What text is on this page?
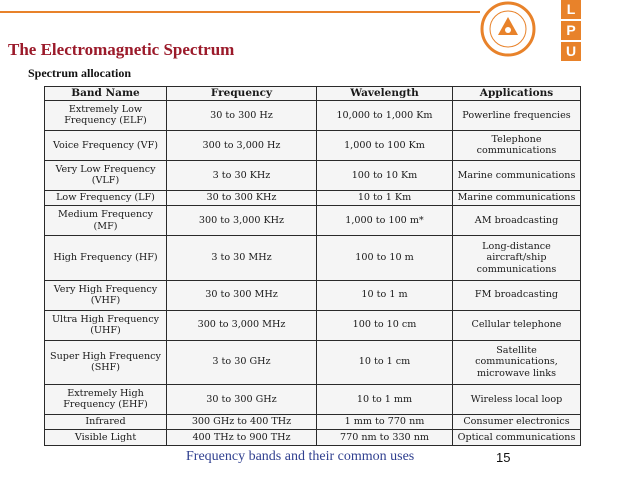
L
P
U
The Electromagnetic Spectrum
Spectrum allocation
Band Name	Frequency	Wavelength	Applications
Extremely Low Frequency (ELF)	30 to 300 Hz	10,000 to 1,000 Km	Powerline frequencies
Voice Frequency (VF)	300 to 3,000 Hz	1,000 to 100 Km	Telephone communications
Very Low Frequency (VLF)	3 to 30 KHz	100 to 10 Km	Marine communications
Low Frequency (LF)	30 to 300 KHz	10 to 1 Km	Marine communications
Medium Frequency (MF)	300 to 3,000 KHz	1,000 to 100 m*	AM broadcasting
High Frequency (HF)	3 to 30 MHz	100 to 10 m	Long-distance aircraft/ship communications
Very High Frequency (VHF)	30 to 300 MHz	10 to 1 m	FM broadcasting
Ultra High Frequency (UHF)	300 to 3,000 MHz	100 to 10 cm	Cellular telephone
Super High Frequency (SHF)	3 to 30 GHz	10 to 1 cm	Satellite communications, microwave links
Extremely High Frequency (EHF)	30 to 300 GHz	10 to 1 mm	Wireless local loop
Infrared	300 GHz to 400 THz	1 mm to 770 nm	Consumer electronics
Visible Light	400 THz to 900 THz	770 nm to 330 nm	Optical communications
Frequency bands and their common uses	15
